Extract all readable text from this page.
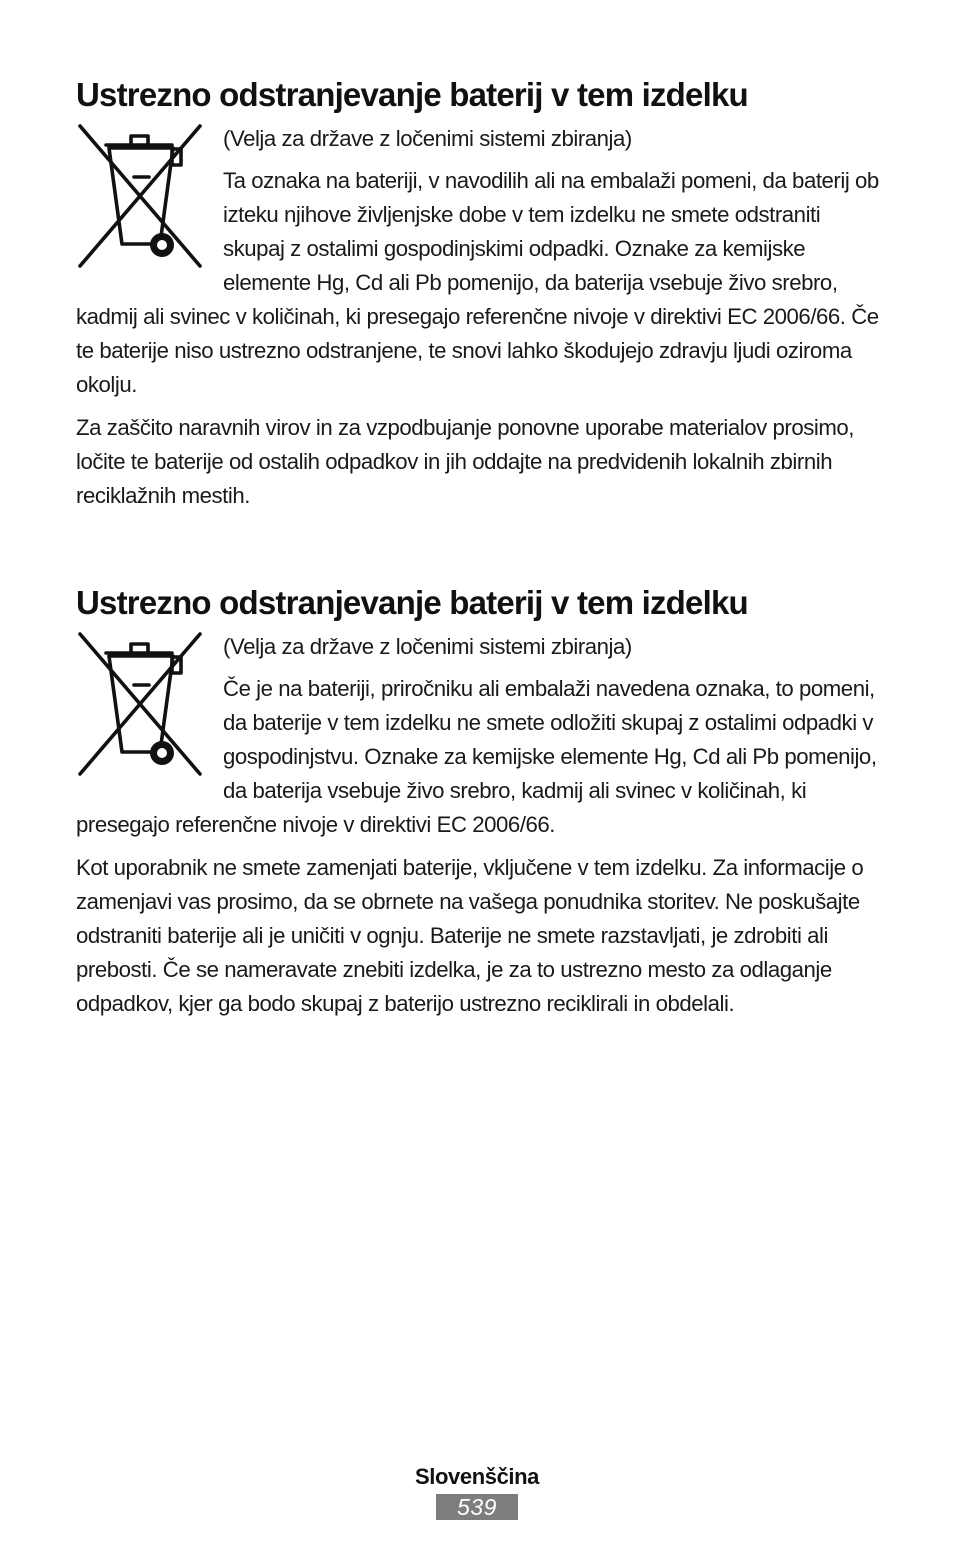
Ustrezno odstranjevanje baterij v tem izdelku

(Velja za države z ločenimi sistemi zbiranja)

Ta oznaka na bateriji, v navodilih ali na embalaži pomeni, da baterij ob izteku njihove življenjske dobe v tem izdelku ne smete odstraniti skupaj z ostalimi gospodinjskimi odpadki. Oznake za kemijske elemente Hg, Cd ali Pb pomenijo, da baterija vsebuje živo srebro, kadmij ali svinec v količinah, ki presegajo referenčne nivoje v direktivi EC 2006/66. Če te baterije niso ustrezno odstranjene, te snovi lahko škodujejo zdravju ljudi oziroma okolju.

Za zaščito naravnih virov in za vzpodbujanje ponovne uporabe materialov prosimo, ločite te baterije od ostalih odpadkov in jih oddajte na predvidenih lokalnih zbirnih reciklažnih mestih.

Ustrezno odstranjevanje baterij v tem izdelku

(Velja za države z ločenimi sistemi zbiranja)

Če je na bateriji, priročniku ali embalaži navedena oznaka, to pomeni, da baterije v tem izdelku ne smete odložiti skupaj z ostalimi odpadki v gospodinjstvu. Oznake za kemijske elemente Hg, Cd ali Pb pomenijo, da baterija vsebuje živo srebro, kadmij ali svinec v količinah, ki presegajo referenčne nivoje v direktivi EC 2006/66.

Kot uporabnik ne smete zamenjati baterije, vključene v tem izdelku. Za informacije o zamenjavi vas prosimo, da se obrnete na vašega ponudnika storitev. Ne poskušajte odstraniti baterije ali je uničiti v ognju. Baterije ne smete razstavljati, je zdrobiti ali prebosti. Če se nameravate znebiti izdelka, je za to ustrezno mesto za odlaganje odpadkov, kjer ga bodo skupaj z baterijo ustrezno reciklirali in obdelali.

Slovenščina
539
